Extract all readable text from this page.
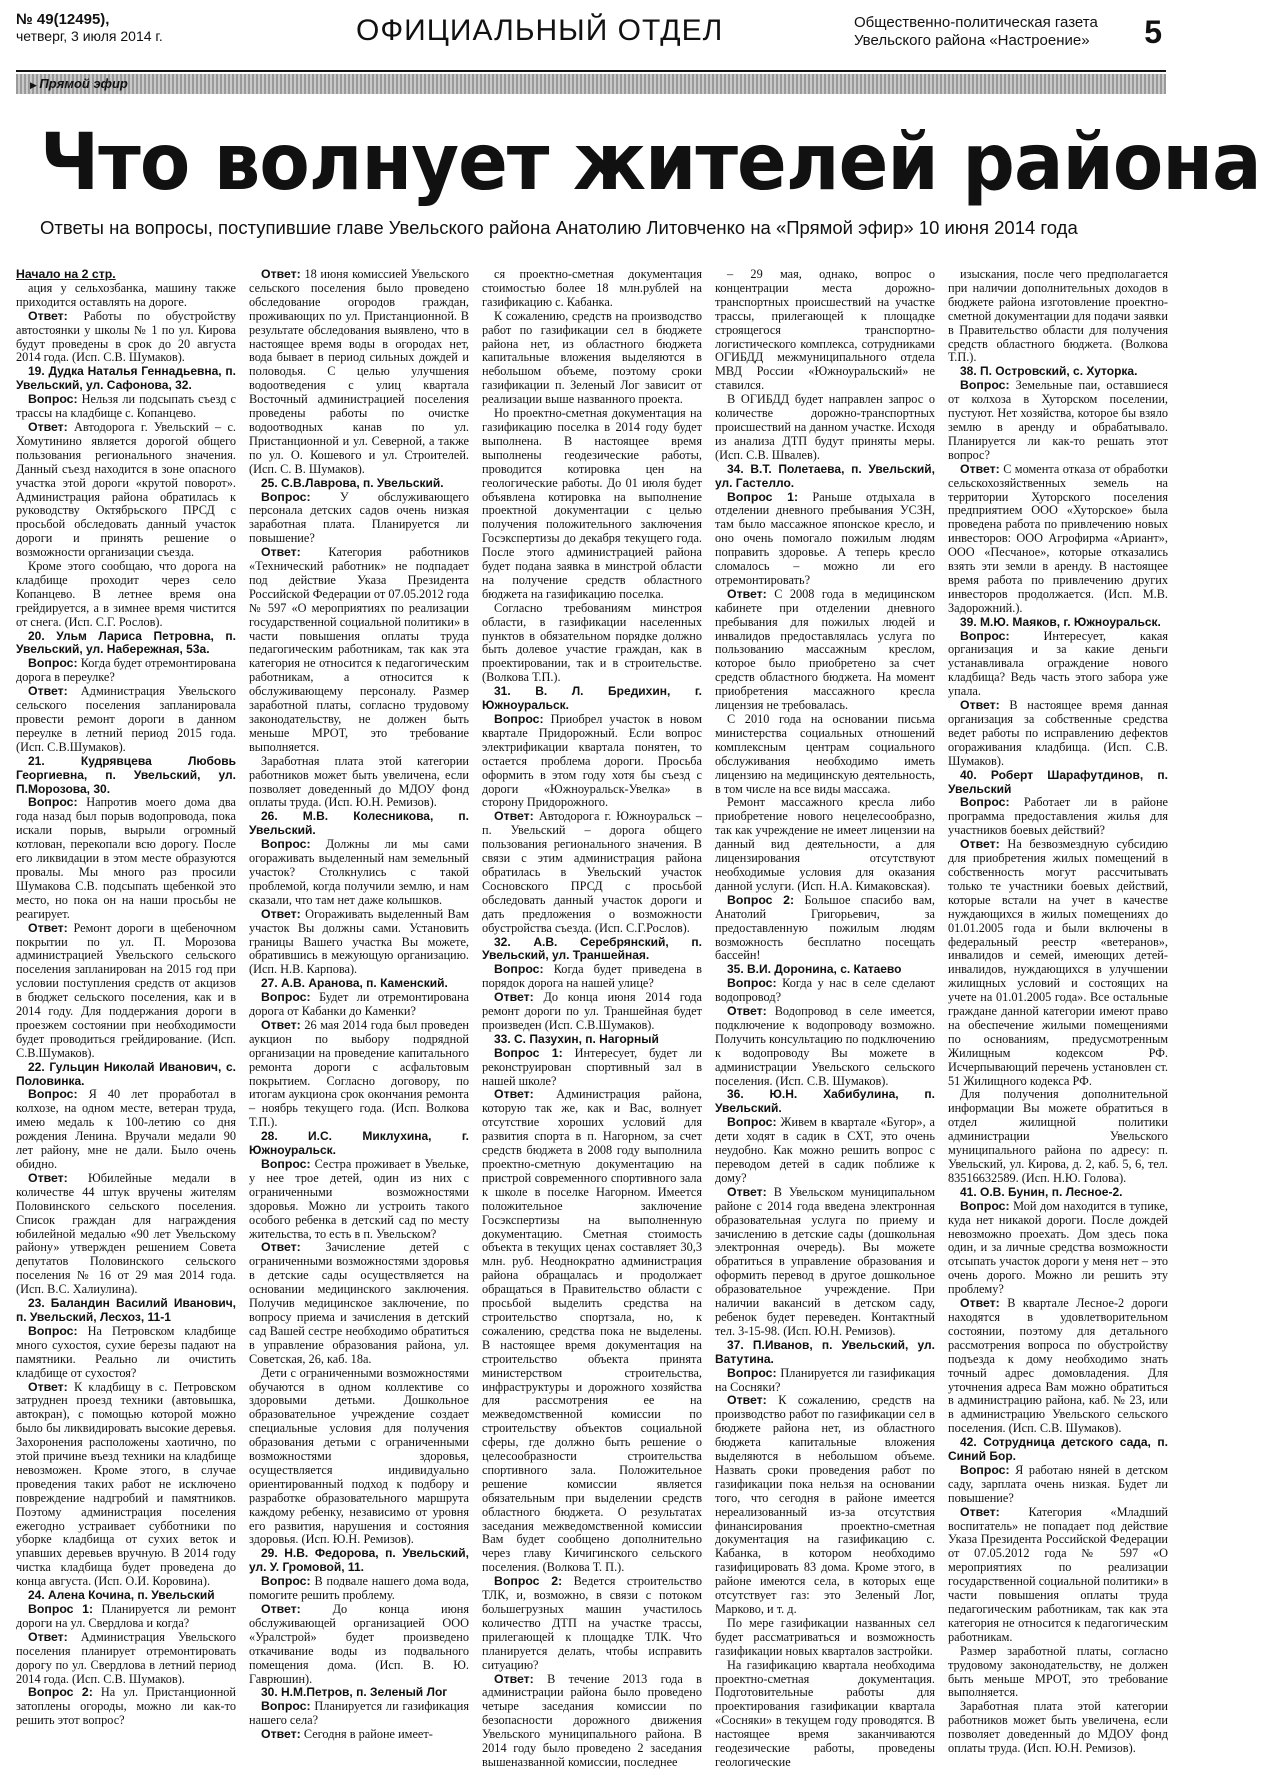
№ 49(12495),
четверг, 3 июля 2014 г.	ОФИЦИАЛЬНЫЙ ОТДЕЛ	Общественно-политическая газета
Увельского района «Настроение» 5
▶ Прямой эфир
Что волнует жителей района
Ответы на вопросы, поступившие главе Увельского района Анатолию Литовченко на «Прямой эфир» 10 июня 2014 года

Начало на 2 стр.

ация у сельхозбанка, машину также приходится оставлять на дороге.

Ответ: Работы по обустройству автостоянки у школы № 1 по ул. Кирова будут проведены в срок до 20 августа 2014 года. (Исп. С.В. Шумаков).

19. Дудка Наталья Геннадьевна, п. Увельский, ул. Сафонова, 32.

Вопрос: Нельзя ли подсыпать съезд с трассы на кладбище с. Копанцево.

Ответ: Автодорога г. Увельский – с. Хомутинино является дорогой общего пользования регионального значения. Данный съезд находится в зоне опасного участка этой дороги «крутой поворот». Администрация района обратилась к руководству Октябрьского ПРСД с просьбой обследовать данный участок дороги и принять решение о возможности организации съезда.

Кроме этого сообщаю, что дорога на кладбище проходит через село Копанцево. В летнее время она грейдируется, а в зимнее время чистится от снега. (Исп. С.Г. Рослов).

20. Ульм Лариса Петровна, п. Увельский, ул. Набережная, 53а.

Вопрос: Когда будет отремонтирована дорога в переулке?

Ответ: Администрация Увельского сельского поселения запланировала провести ремонт дороги в данном переулке в летний период 2015 года. (Исп. С.В.Шумаков).

21. Кудрявцева Любовь Георгиевна, п. Увельский, ул. П.Морозова, 30.

Вопрос: Напротив моего дома два года назад был порыв водопровода, пока искали порыв, вырыли огромный котлован, перекопали всю дорогу. После его ликвидации в этом месте образуются провалы. Мы много раз просили Шумакова С.В. подсыпать щебенкой это место, но пока он на наши просьбы не реагирует.

Ответ: Ремонт дороги в щебеночном покрытии по ул. П. Морозова администрацией Увельского сельского поселения запланирован на 2015 год при условии поступления средств от акцизов в бюджет сельского поселения, как и в 2014 году. Для поддержания дороги в проезжем состоянии при необходимости будет проводиться грейдирование. (Исп. С.В.Шумаков).

22. Гульцин Николай Иванович, с. Половинка.

Вопрос: Я 40 лет проработал в колхозе, на одном месте, ветеран труда, имею медаль к 100-летию со дня рождения Ленина. Вручали медали 90 лет району, мне не дали. Было очень обидно.

Ответ: Юбилейные медали в количестве 44 штук вручены жителям Половинского сельского поселения. Список граждан для награждения юбилейной медалью «90 лет Увельскому району» утвержден решением Совета депутатов Половинского сельского поселения № 16 от 29 мая 2014 года. (Исп. В.С. Халиулина).

23. Баландин Василий Иванович, п. Увельский, Лесхоз, 11-1

Вопрос: На Петровском кладбище много сухостоя, сухие березы падают на памятники. Реально ли очистить кладбище от сухостоя?

Ответ: К кладбищу в с. Петровском затруднен проезд техники (автовышка, автокран), с помощью которой можно было бы ликвидировать высокие деревья. Захоронения расположены хаотично, по этой причине въезд техники на кладбище невозможен. Кроме этого, в случае проведения таких работ не исключено повреждение надгробий и памятников. Поэтому администрация поселения ежегодно устраивает субботники по уборке кладбища от сухих веток и упавших деревьев вручную. В 2014 году чистка кладбища будет проведена до конца августа. (Исп. О.И. Коровина).

24. Алена Кочина, п. Увельский

Вопрос 1: Планируется ли ремонт дороги на ул. Свердлова и когда?

Ответ: Администрация Увельского поселения планирует отремонтировать дорогу по ул. Свердлова в летний период 2014 года. (Исп. С.В. Шумаков).

Вопрос 2: На ул. Пристанционной затоплены огороды, можно ли как-то решить этот вопрос?

Ответ: 18 июня комиссией Увельского сельского поселения было проведено обследование огородов граждан, проживающих по ул. Пристанционной. В результате обследования выявлено, что в настоящее время воды в огородах нет, вода бывает в период сильных дождей и половодья. С целью улучшения водоотведения с улиц квартала Восточный администрацией поселения проведены работы по очистке водоотводных канав по ул. Пристанционной и ул. Северной, а также по ул. О. Кошевого и ул. Строителей. (Исп. С. В. Шумаков).

25. С.В.Лаврова, п. Увельский.

Вопрос: У обслуживающего персонала детских садов очень низкая заработная плата. Планируется ли повышение?

Ответ: Категория работников «Технический работник» не подпадает под действие Указа Президента Российской Федерации от 07.05.2012 года № 597 «О мероприятиях по реализации государственной социальной политики» в части повышения оплаты труда педагогическим работникам, так как эта категория не относится к педагогическим работникам, а относится к обслуживающему персоналу. Размер заработной платы, согласно трудовому законодательству, не должен быть меньше МРОТ, это требование выполняется.

Заработная плата этой категории работников может быть увеличена, если позволяет доведенный до МДОУ фонд оплаты труда. (Исп. Ю.Н. Ремизов).

26. М.В. Колесникова, п. Увельский.

Вопрос: Должны ли мы сами огораживать выделенный нам земельный участок? Столкнулись с такой проблемой, когда получили землю, и нам сказали, что там нет даже колышков.

Ответ: Огораживать выделенный Вам участок Вы должны сами. Установить границы Вашего участка Вы можете, обратившись в межующую организацию. (Исп. Н.В. Карпова).

27. А.В. Аранова, п. Каменский.

Вопрос: Будет ли отремонтирована дорога от Кабанки до Каменки?

Ответ: 26 мая 2014 года был проведен аукцион по выбору подрядной организации на проведение капитального ремонта дороги с асфальтовым покрытием. Согласно договору, по итогам аукциона срок окончания ремонта – ноябрь текущего года. (Исп. Волкова Т.П.).

28. И.С. Миклухина, г. Южноуральск.

Вопрос: Сестра проживает в Увельке, у нее трое детей, один из них с ограниченными возможностями здоровья. Можно ли устроить такого особого ребенка в детский сад по месту жительства, то есть в п. Увельском?

Ответ: Зачисление детей с ограниченными возможностями здоровья в детские сады осуществляется на основании медицинского заключения. Получив медицинское заключение, по вопросу приема и зачисления в детский сад Вашей сестре необходимо обратиться в управление образования района, ул. Советская, 26, каб. 18а.

Дети с ограниченными возможностями обучаются в одном коллективе со здоровыми детьми. Дошкольное образовательное учреждение создает специальные условия для получения образования детьми с ограниченными возможностями здоровья, осуществляется индивидуально ориентированный подход к подбору и разработке образовательного маршрута каждому ребенку, независимо от уровня его развития, нарушения и состояния здоровья. (Исп. Ю.Н. Ремизов).

29. Н.В. Федорова, п. Увельский, ул. У. Громовой, 11.

Вопрос: В подвале нашего дома вода, помогите решить проблему.

Ответ: До конца июня обслуживающей организацией ООО «Уралстрой» будет произведено откачивание воды из подвального помещения дома. (Исп. В. Ю. Гаврюшин).

30. Н.М.Петров, п. Зеленый Лог

Вопрос: Планируется ли газификация нашего села?

Ответ: Сегодня в районе имеет-

ся проектно-сметная документация стоимостью более 18 млн.рублей на газификацию с. Кабанка.

К сожалению, средств на производство работ по газификации сел в бюджете района нет, из областного бюджета капитальные вложения выделяются в небольшом объеме, поэтому сроки газификации п. Зеленый Лог зависит от реализации выше названного проекта.

Но проектно-сметная документация на газификацию поселка в 2014 году будет выполнена. В настоящее время выполнены геодезические работы, проводится котировка цен на геологические работы. До 01 июля будет объявлена котировка на выполнение проектной документации с целью получения положительного заключения Госэкспертизы до декабря текущего года. После этого администрацией района будет подана заявка в минстрой области на получение средств областного бюджета на газификацию поселка.

Согласно требованиям минстроя области, в газификации населенных пунктов в обязательном порядке должно быть долевое участие граждан, как в проектировании, так и в строительстве. (Волкова Т.П.).

31. В. Л. Бредихин, г. Южноуральск.

Вопрос: Приобрел участок в новом квартале Придорожный. Если вопрос электрификации квартала понятен, то остается проблема дороги. Просьба оформить в этом году хотя бы съезд с дороги «Южноуральск-Увелка» в сторону Придорожного.

Ответ: Автодорога г. Южноуральск – п. Увельский – дорога общего пользования регионального значения. В связи с этим администрация района обратилась в Увельский участок Сосновского ПРСД с просьбой обследовать данный участок дороги и дать предложения о возможности обустройства съезда. (Исп. С.Г.Рослов).

32. А.В. Серебрянский, п. Увельский, ул. Траншейная.

Вопрос: Когда будет приведена в порядок дорога на нашей улице?

Ответ: До конца июня 2014 года ремонт дороги по ул. Траншейная будет произведен (Исп. С.В.Шумаков).

33. С. Пазухин, п. Нагорный

Вопрос 1: Интересует, будет ли реконструирован спортивный зал в нашей школе?

Ответ: Администрация района, которую так же, как и Вас, волнует отсутствие хороших условий для развития спорта в п. Нагорном, за счет средств бюджета в 2008 году выполнила проектно-сметную документацию на пристрой современного спортивного зала к школе в поселке Нагорном. Имеется положительное заключение Госэкспертизы на выполненную документацию. Сметная стоимость объекта в текущих ценах составляет 30,3 млн. руб. Неоднократно администрация района обращалась и продолжает обращаться в Правительство области с просьбой выделить средства на строительство спортзала, но, к сожалению, средства пока не выделены. В настоящее время документация на строительство объекта принята министерством строительства, инфраструктуры и дорожного хозяйства для рассмотрения ее на межведомственной комиссии по строительству объектов социальной сферы, где должно быть решение о целесообразности строительства спортивного зала. Положительное решение комиссии является обязательным при выделении средств областного бюджета. О результатах заседания межведомственной комиссии Вам будет сообщено дополнительно через главу Кичигинского сельского поселения. (Волкова Т. П.).

Вопрос 2: Ведется строительство ТЛК, и, возможно, в связи с потоком большегрузных машин участилось количество ДТП на участке трассы, прилегающей к площадке ТЛК. Что планируется делать, чтобы исправить ситуацию?

Ответ: В течение 2013 года в администрации района было проведено четыре заседания комиссии по безопасности дорожного движения Увельского муниципального района. В 2014 году было проведено 2 заседания вышеназванной комиссии, последнее

– 29 мая, однако, вопрос о концентрации места дорожно-транспортных происшествий на участке трассы, прилегающей к площадке строящегося транспортно-логистического комплекса, сотрудниками ОГИБДД межмуниципального отдела МВД России «Южноуральский» не ставился.

В ОГИБДД будет направлен запрос о количестве дорожно-транспортных происшествий на данном участке. Исходя из анализа ДТП будут приняты меры. (Исп. С.В. Швалев).

34. В.Т. Полетаева, п. Увельский, ул. Гастелло.

Вопрос 1: Раньше отдыхала в отделении дневного пребывания УСЗН, там было массажное японское кресло, и оно очень помогало пожилым людям поправить здоровье. А теперь кресло сломалось – можно ли его отремонтировать?

Ответ: С 2008 года в медицинском кабинете при отделении дневного пребывания для пожилых людей и инвалидов предоставлялась услуга по пользованию массажным креслом, которое было приобретено за счет средств областного бюджета. На момент приобретения массажного кресла лицензия не требовалась.

С 2010 года на основании письма министерства социальных отношений комплексным центрам социального обслуживания необходимо иметь лицензию на медицинскую деятельность, в том числе на все виды массажа.

Ремонт массажного кресла либо приобретение нового нецелесообразно, так как учреждение не имеет лицензии на данный вид деятельности, а для лицензирования отсутствуют необходимые условия для оказания данной услуги. (Исп. Н.А. Кимаковская).

Вопрос 2: Большое спасибо вам, Анатолий Григорьевич, за предоставленную пожилым людям возможность бесплатно посещать бассейн!

35. В.И. Доронина, с. Катаево

Вопрос: Когда у нас в селе сделают водопровод?

Ответ: Водопровод в селе имеется, подключение к водопроводу возможно. Получить консультацию по подключению к водопроводу Вы можете в администрации Увельского сельского поселения. (Исп. С.В. Шумаков).

36. Ю.Н. Хабибулина, п. Увельский.

Вопрос: Живем в квартале «Бугор», а дети ходят в садик в СХТ, это очень неудобно. Как можно решить вопрос с переводом детей в садик поближе к дому?

Ответ: В Увельском муниципальном районе с 2014 года введена электронная образовательная услуга по приему и зачислению в детские сады (дошкольная электронная очередь). Вы можете обратиться в управление образования и оформить перевод в другое дошкольное образовательное учреждение. При наличии вакансий в детском саду, ребенок будет переведен. Контактный тел. 3-15-98. (Исп. Ю.Н. Ремизов).

37. П.Иванов, п. Увельский, ул. Ватутина.

Вопрос: Планируется ли газификация на Сосняки?

Ответ: К сожалению, средств на производство работ по газификации сел в бюджете района нет, из областного бюджета капитальные вложения выделяются в небольшом объеме. Назвать сроки проведения работ по газификации пока нельзя на основании того, что сегодня в районе имеется нереализованный из-за отсутствия финансирования проектно-сметная документация на газификацию с. Кабанка, в котором необходимо газифицировать 83 дома. Кроме этого, в районе имеются села, в которых еще отсутствует газ: это Зеленый Лог, Марково, и т. д.

По мере газификации названных сел будет рассматриваться и возможность газификации новых кварталов застройки.

На газификацию квартала необходима проектно-сметная документация. Подготовительные работы для проектирования газификации квартала «Сосняки» в текущем году проводятся. В настоящее время заканчиваются геодезические работы, проведены геологические

изыскания, после чего предполагается при наличии дополнительных доходов в бюджете района изготовление проектно-сметной документации для подачи заявки в Правительство области для получения средств областного бюджета. (Волкова Т.П.).

38. П. Островский, с. Хуторка.

Вопрос: Земельные паи, оставшиеся от колхоза в Хуторском поселении, пустуют. Нет хозяйства, которое бы взяло землю в аренду и обрабатывало. Планируется ли как-то решать этот вопрос?

Ответ: С момента отказа от обработки сельскохозяйственных земель на территории Хуторского поселения предприятием ООО «Хуторское» была проведена работа по привлечению новых инвесторов: ООО Агрофирма «Ариант», ООО «Песчаное», которые отказались взять эти земли в аренду. В настоящее время работа по привлечению других инвесторов продолжается. (Исп. М.В. Задорожний.).

39. М.Ю. Маяков, г. Южноуральск.

Вопрос: Интересует, какая организация и за какие деньги устанавливала ограждение нового кладбища? Ведь часть этого забора уже упала.

Ответ: В настоящее время данная организация за собственные средства ведет работы по исправлению дефектов огораживания кладбища. (Исп. С.В. Шумаков).

40. Роберт Шарафутдинов, п. Увельский

Вопрос: Работает ли в районе программа предоставления жилья для участников боевых действий?

Ответ: На безвозмездную субсидию для приобретения жилых помещений в собственность могут рассчитывать только те участники боевых действий, которые встали на учет в качестве нуждающихся в жилых помещениях до 01.01.2005 года и были включены в федеральный реестр «ветеранов», инвалидов и семей, имеющих детей-инвалидов, нуждающихся в улучшении жилищных условий и состоящих на учете на 01.01.2005 года». Все остальные граждане данной категории имеют право на обеспечение жилыми помещениями по основаниям, предусмотренным Жилищным кодексом РФ. Исчерпывающий перечень установлен ст. 51 Жилищного кодекса РФ.

Для получения дополнительной информации Вы можете обратиться в отдел жилищной политики администрации Увельского муниципального района по адресу: п. Увельский, ул. Кирова, д. 2, каб. 5, 6, тел. 83516632589. (Исп. Н.Ю. Голова).

41. О.В. Бунин, п. Лесное-2.

Вопрос: Мой дом находится в тупике, куда нет никакой дороги. После дождей невозможно проехать. Дом здесь пока один, и за личные средства возможности отсыпать участок дороги у меня нет – это очень дорого. Можно ли решить эту проблему?

Ответ: В квартале Лесное-2 дороги находятся в удовлетворительном состоянии, поэтому для детального рассмотрения вопроса по обустройству подъезда к дому необходимо знать точный адрес домовладения. Для уточнения адреса Вам можно обратиться в администрацию района, каб. № 23, или в администрацию Увельского сельского поселения. (Исп. С.В. Шумаков).

42. Сотрудница детского сада, п. Синий Бор.

Вопрос: Я работаю няней в детском саду, зарплата очень низкая. Будет ли повышение?

Ответ: Категория «Младший воспитатель» не попадает под действие Указа Президента Российской Федерации от 07.05.2012 года № 597 «О мероприятиях по реализации государственной социальной политики» в части повышения оплаты труда педагогическим работникам, так как эта категория не относится к педагогическим работникам.

Размер заработной платы, согласно трудовому законодательству, не должен быть меньше МРОТ, это требование выполняется.

Заработная плата этой категории работников может быть увеличена, если позволяет доведенный до МДОУ фонд оплаты труда. (Исп. Ю.Н. Ремизов).
